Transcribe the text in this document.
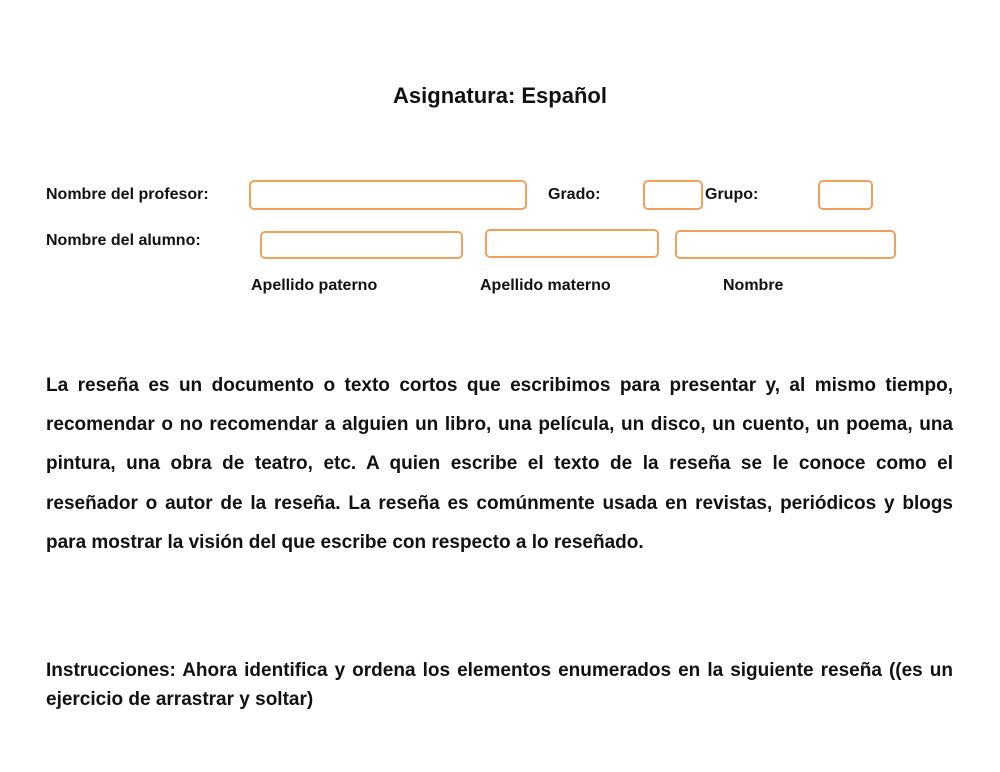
Asignatura: Español
Nombre del profesor:	Grado:	Grupo:
Nombre del alumno:
Apellido paterno	Apellido materno	Nombre

La reseña es un documento o texto cortos que escribimos para presentar y, al mismo tiempo, recomendar o no recomendar a alguien un libro, una película, un disco, un cuento, un poema, una pintura, una obra de teatro, etc. A quien escribe el texto de la reseña se le conoce como el reseñador o autor de la reseña. La reseña es comúnmente usada en revistas, periódicos y blogs para mostrar la visión del que escribe con respecto a lo reseñado.

Instrucciones: Ahora identifica y ordena los elementos enumerados en la siguiente reseña ((es un ejercicio de arrastrar y soltar)
